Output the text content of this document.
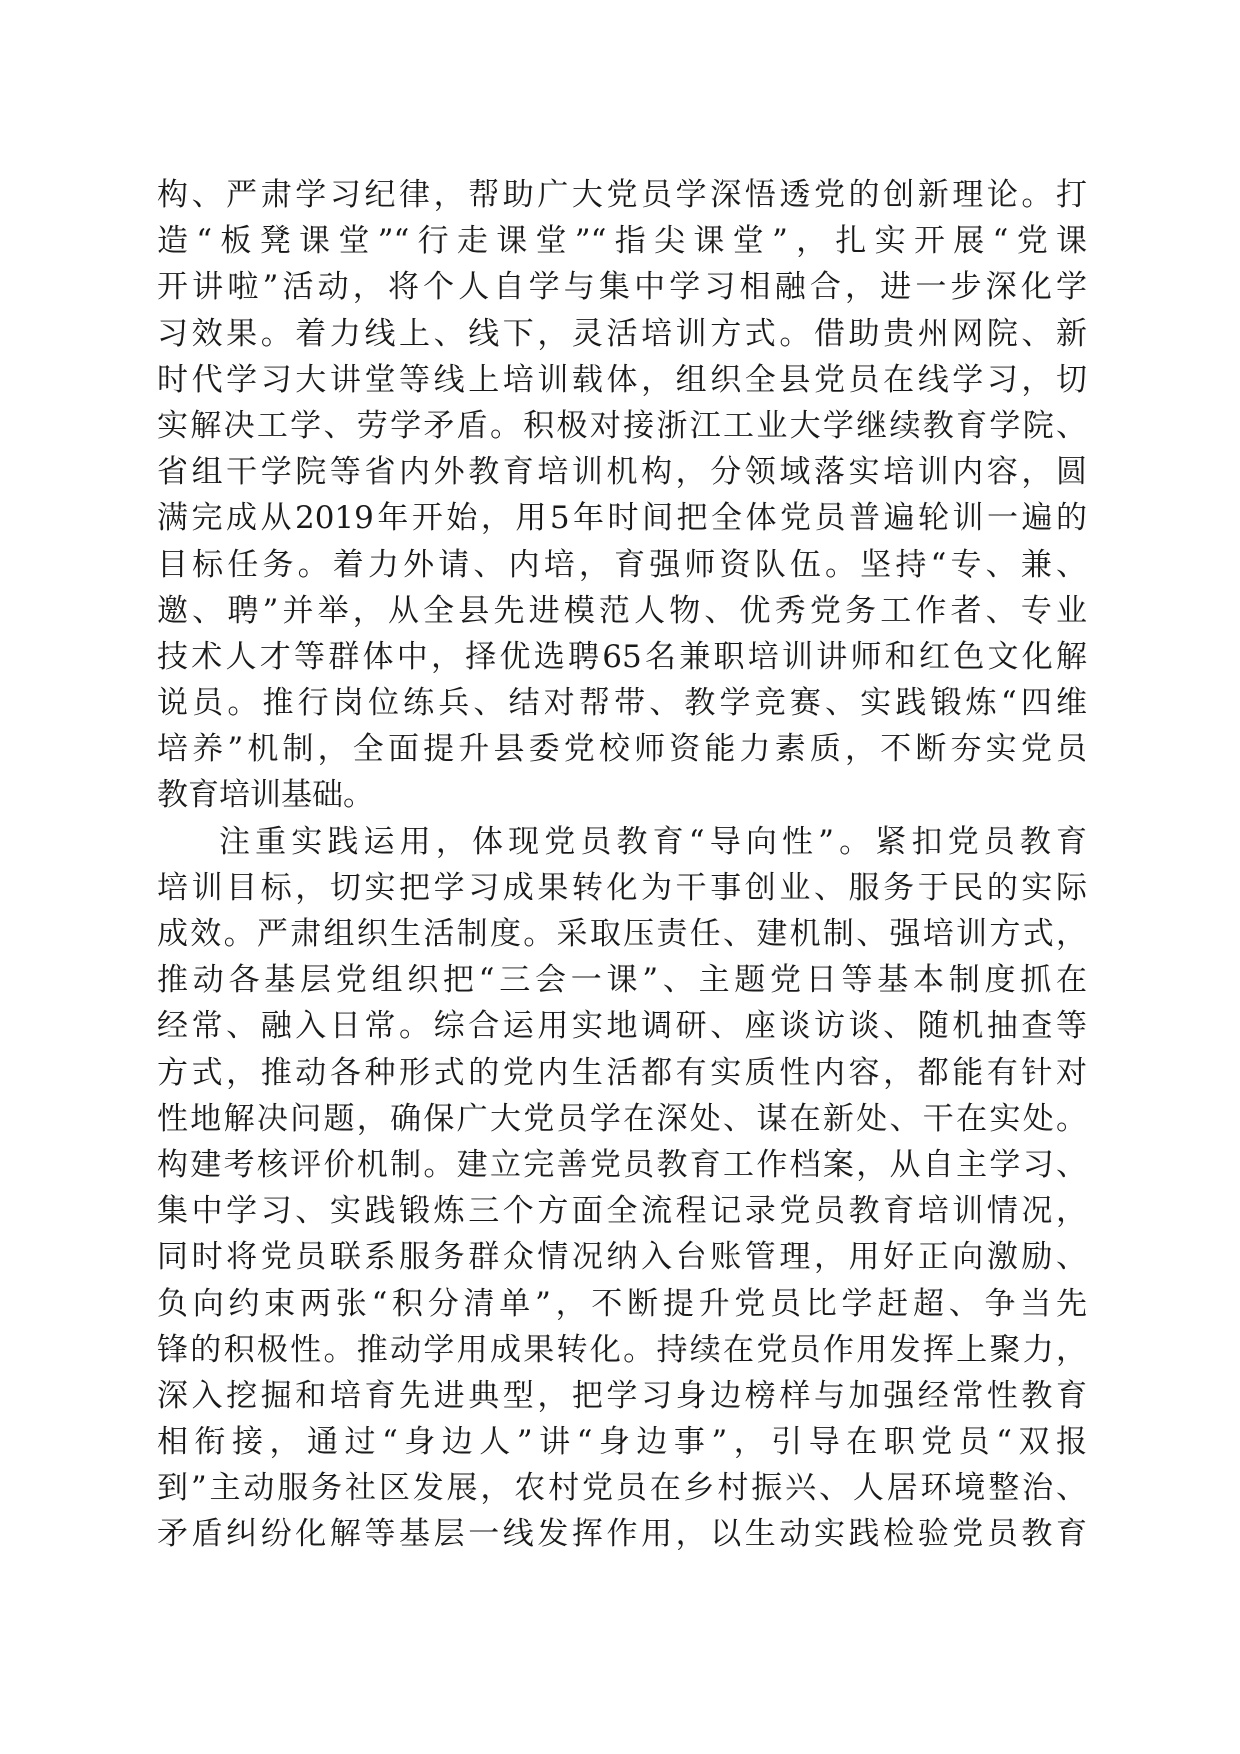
构、严肃学习纪律，帮助广大党员学深悟透党的创新理论。打
造“板凳课堂”“行走课堂”“指尖课堂”，扎实开展“党课
开讲啦”活动，将个人自学与集中学习相融合，进一步深化学
习效果。着力线上、线下，灵活培训方式。借助贵州网院、新
时代学习大讲堂等线上培训载体，组织全县党员在线学习，切
实解决工学、劳学矛盾。积极对接浙江工业大学继续教育学院、
省组干学院等省内外教育培训机构，分领域落实培训内容，圆
满完成从2019年开始，用5年时间把全体党员普遍轮训一遍的
目标任务。着力外请、内培，育强师资队伍。坚持“专、兼、
邀、聘”并举，从全县先进模范人物、优秀党务工作者、专业
技术人才等群体中，择优选聘65名兼职培训讲师和红色文化解
说员。推行岗位练兵、结对帮带、教学竞赛、实践锻炼“四维
培养”机制，全面提升县委党校师资能力素质，不断夯实党员
教育培训基础。
注重实践运用，体现党员教育“导向性”。紧扣党员教育
培训目标，切实把学习成果转化为干事创业、服务于民的实际
成效。严肃组织生活制度。采取压责任、建机制、强培训方式，
推动各基层党组织把“三会一课”、主题党日等基本制度抓在
经常、融入日常。综合运用实地调研、座谈访谈、随机抽查等
方式，推动各种形式的党内生活都有实质性内容，都能有针对
性地解决问题，确保广大党员学在深处、谋在新处、干在实处。
构建考核评价机制。建立完善党员教育工作档案，从自主学习、
集中学习、实践锻炼三个方面全流程记录党员教育培训情况，
同时将党员联系服务群众情况纳入台账管理，用好正向激励、
负向约束两张“积分清单”，不断提升党员比学赶超、争当先
锋的积极性。推动学用成果转化。持续在党员作用发挥上聚力，
深入挖掘和培育先进典型，把学习身边榜样与加强经常性教育
相衔接，通过“身边人”讲“身边事”，引导在职党员“双报
到”主动服务社区发展，农村党员在乡村振兴、人居环境整治、
矛盾纠纷化解等基层一线发挥作用，以生动实践检验党员教育
